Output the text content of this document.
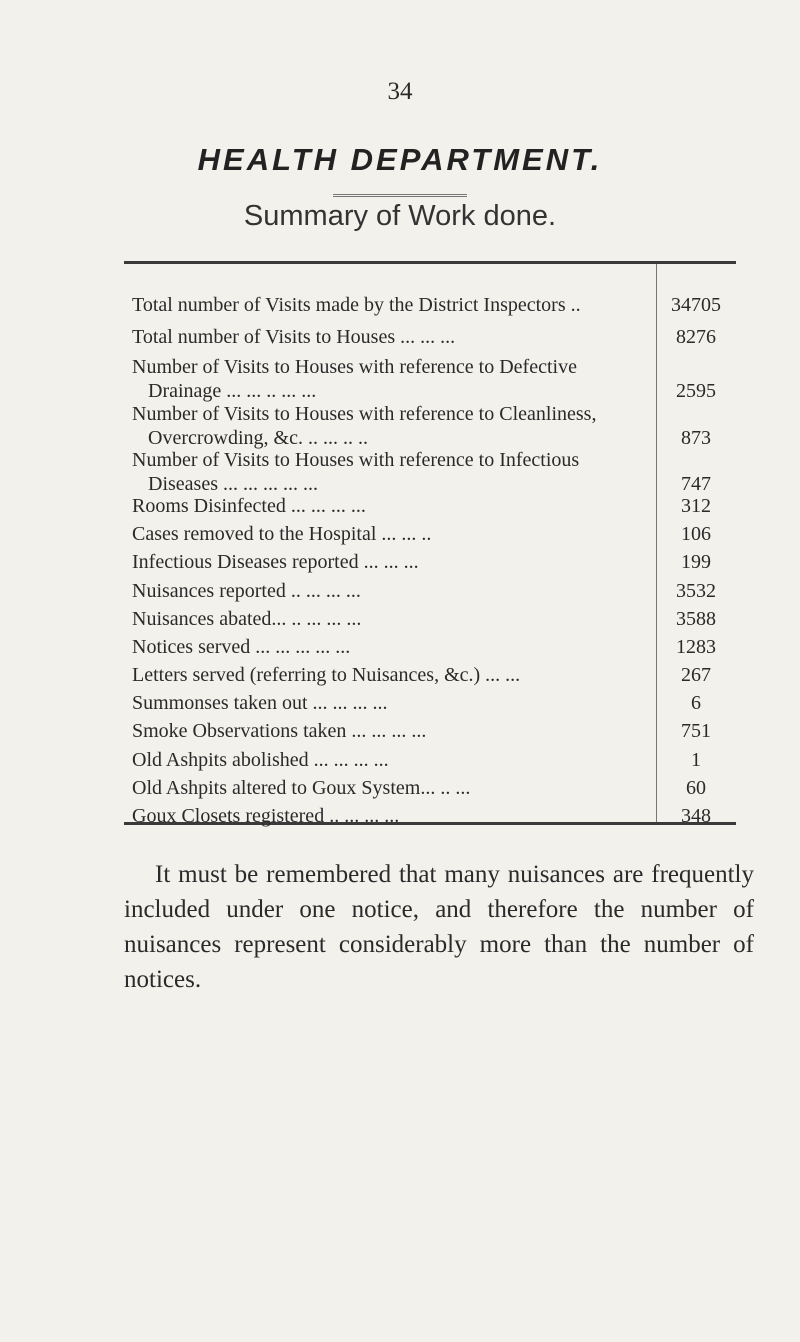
34
HEALTH DEPARTMENT.
Summary of Work done.
Total number of Visits made by the District Inspectors ..	34705
Total number of Visits to Houses ... ... ...	8276
Number of Visits to Houses with reference to Defective
Drainage ... ... .. ... ...	2595
Number of Visits to Houses with reference to Cleanliness,
Overcrowding, &c. .. ... .. ..	873
Number of Visits to Houses with reference to Infectious
Diseases ... ... ... ... ...	747
Rooms Disinfected ... ... ... ...	312
Cases removed to the Hospital ... ... ..	106
Infectious Diseases reported ... ... ...	199
Nuisances reported .. ... ... ...	3532
Nuisances abated... .. ... ... ...	3588
Notices served ... ... ... ... ...	1283
Letters served (referring to Nuisances, &c.) ... ...	267
Summonses taken out ... ... ... ...	6
Smoke Observations taken ... ... ... ...	751
Old Ashpits abolished ... ... ... ...	1
Old Ashpits altered to Goux System... .. ...	60
Goux Closets registered .. ... ... ...	348
It must be remembered that many nuisances are frequently included under one notice, and therefore the number of nuisances represent considerably more than the number of notices.
